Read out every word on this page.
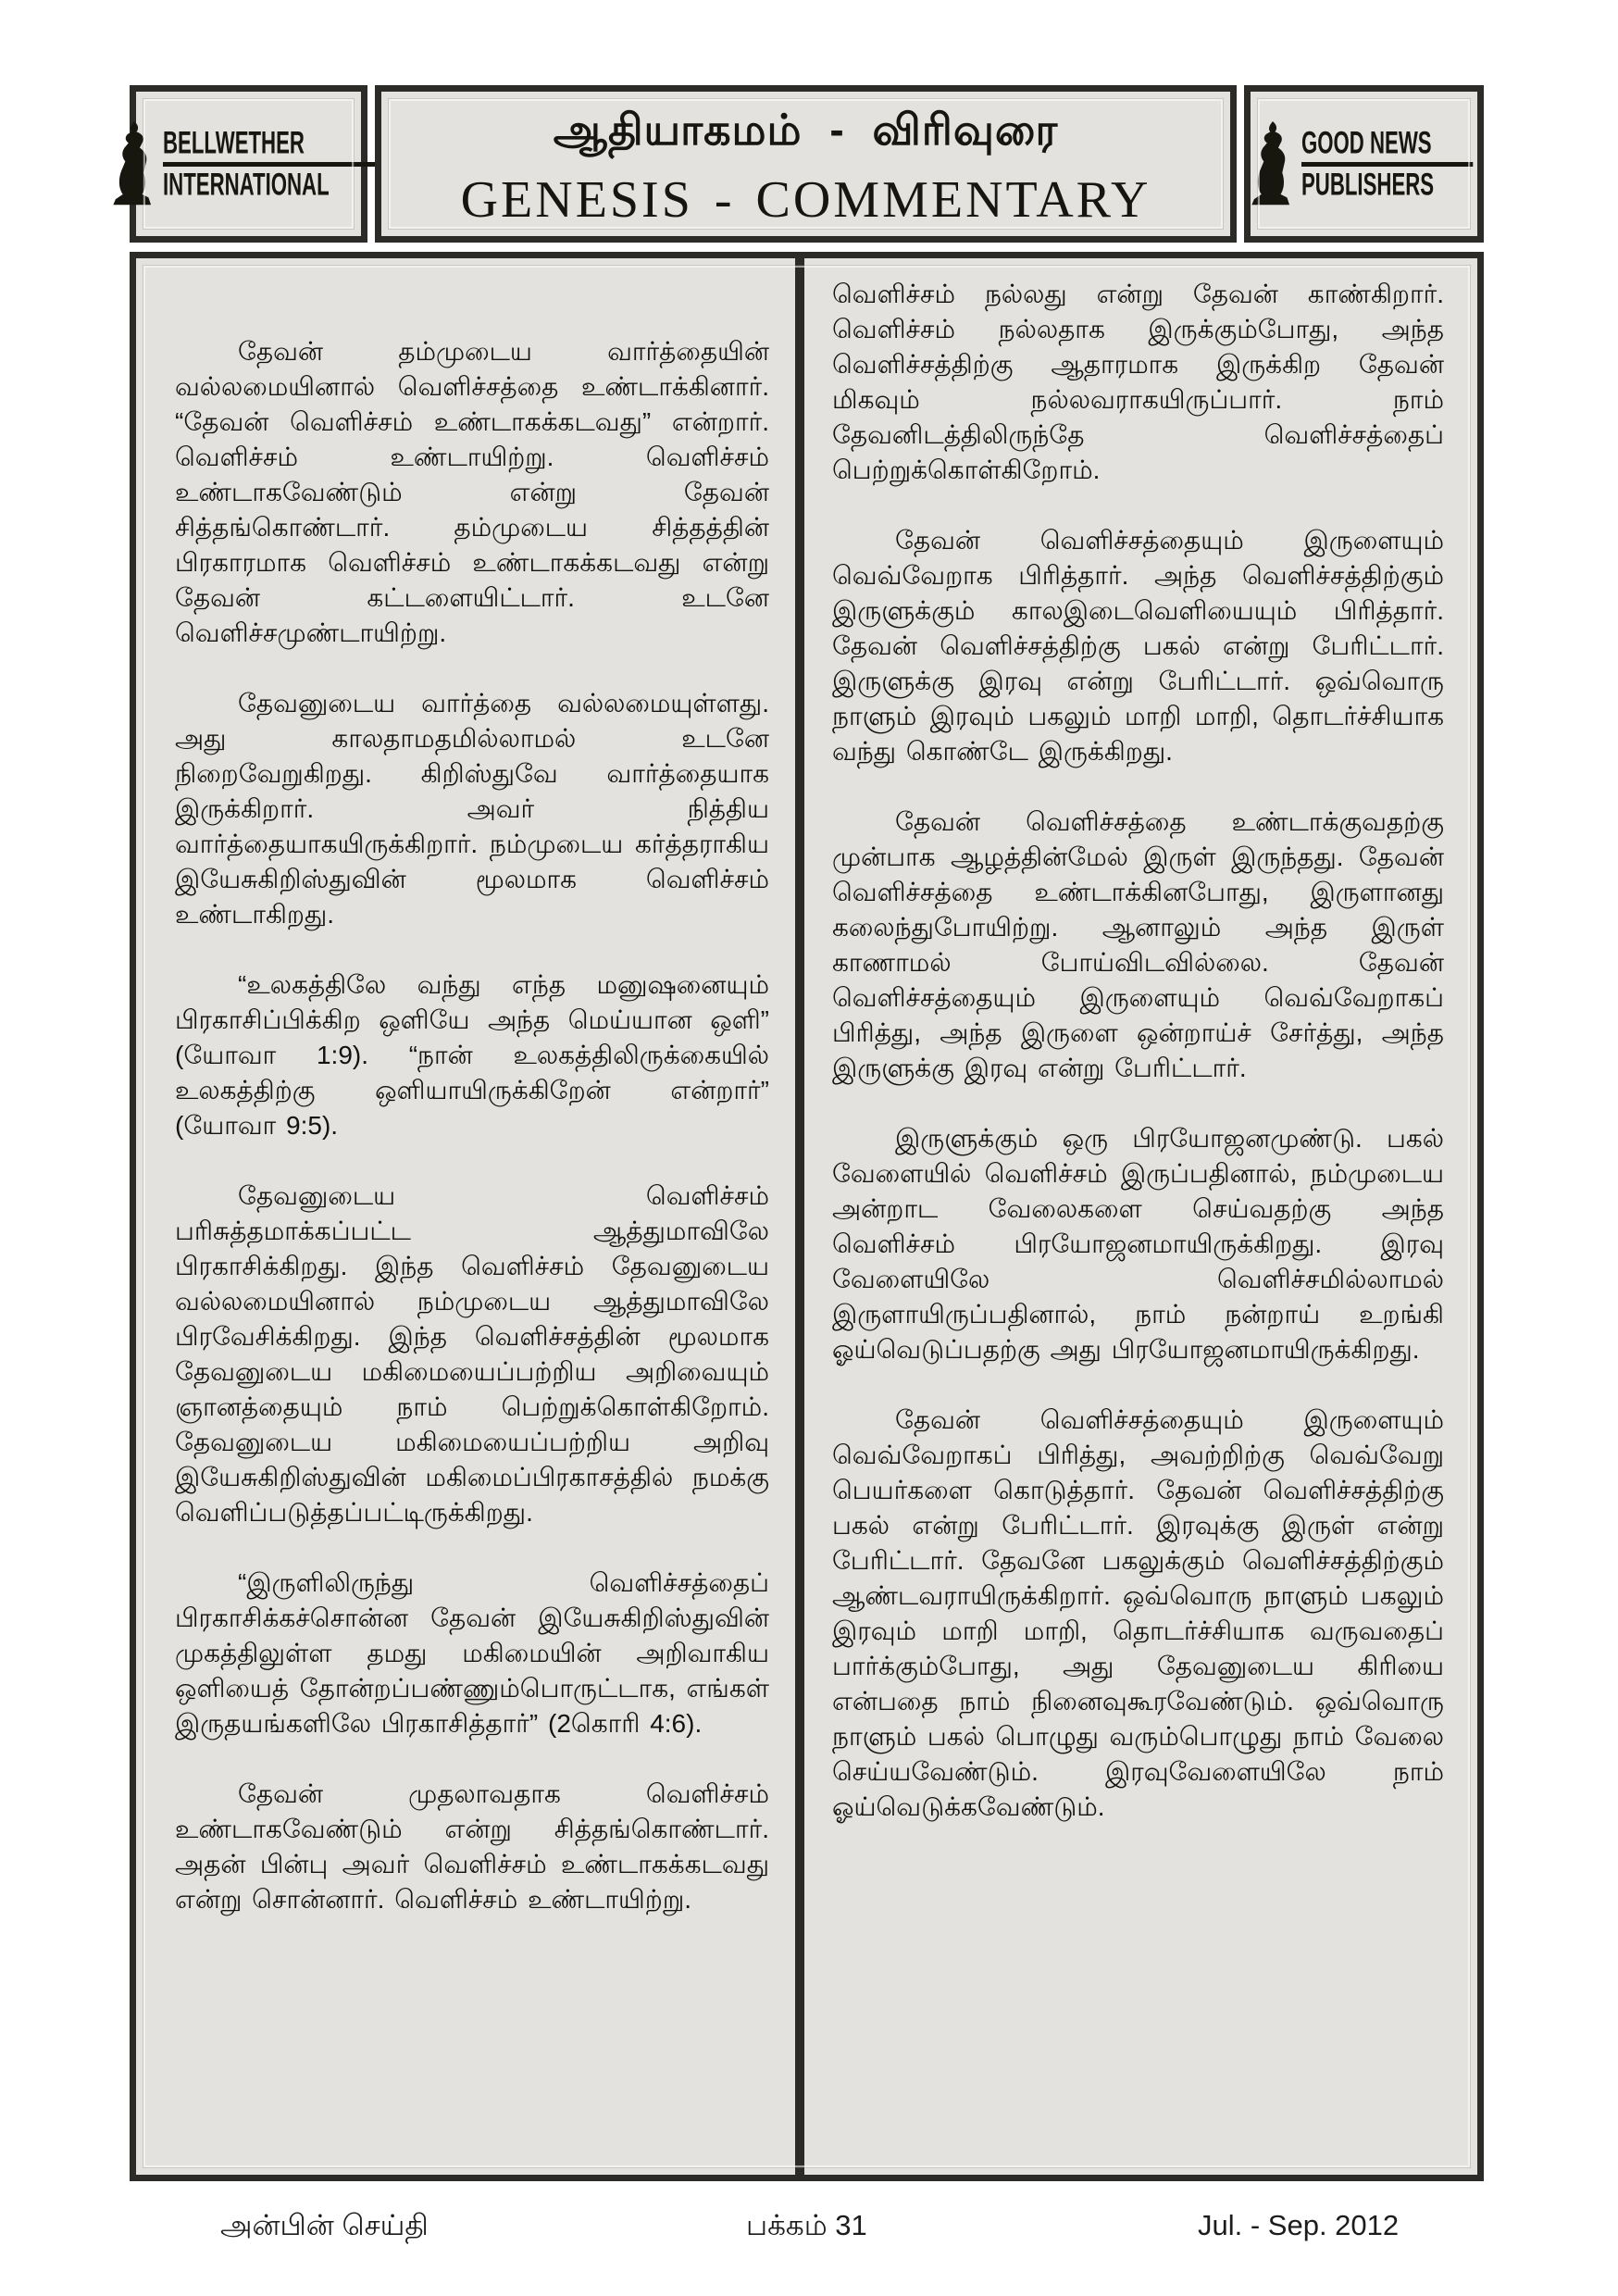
BELLWETHER
INTERNATIONAL
ஆதியாகமம் - விரிவுரை
GENESIS - COMMENTARY
GOOD NEWS
PUBLISHERS

தேவன் தம்முடைய வார்த்தையின் வல்லமையினால் வெளிச்சத்தை உண்டாக்கினார். “தேவன் வெளிச்சம் உண்டாகக்கடவது” என்றார். வெளிச்சம் உண்டாயிற்று. வெளிச்சம் உண்டாகவேண்டும் என்று தேவன் சித்தங்கொண்டார். தம்முடைய சித்தத்தின் பிரகாரமாக வெளிச்சம் உண்டாகக்கடவது என்று தேவன் கட்டளையிட்டார். உடனே வெளிச்சமுண்டாயிற்று.

தேவனுடைய வார்த்தை வல்லமையுள்ளது. அது காலதாமதமில்லாமல் உடனே நிறைவேறுகிறது. கிறிஸ்துவே வார்த்தையாக இருக்கிறார். அவர் நித்திய வார்த்தையாகயிருக்கிறார். நம்முடைய கர்த்தராகிய இயேசுகிறிஸ்துவின் மூலமாக வெளிச்சம் உண்டாகிறது.

“உலகத்திலே வந்து எந்த மனுஷனையும் பிரகாசிப்பிக்கிற ஒளியே அந்த மெய்யான ஒளி” (யோவா 1:9). “நான் உலகத்திலிருக்கையில் உலகத்திற்கு ஒளியாயிருக்கிறேன் என்றார்” (யோவா 9:5).

தேவனுடைய வெளிச்சம் பரிசுத்தமாக்கப்பட்ட ஆத்துமாவிலே பிரகாசிக்கிறது. இந்த வெளிச்சம் தேவனுடைய வல்லமையினால் நம்முடைய ஆத்துமாவிலே பிரவேசிக்கிறது. இந்த வெளிச்சத்தின் மூலமாக தேவனுடைய மகிமையைப்பற்றிய அறிவையும் ஞானத்தையும் நாம் பெற்றுக்கொள்கிறோம். தேவனுடைய மகிமையைப்பற்றிய அறிவு இயேசுகிறிஸ்துவின் மகிமைப்பிரகாசத்தில் நமக்கு வெளிப்படுத்தப்பட்டிருக்கிறது.

“இருளிலிருந்து வெளிச்சத்தைப் பிரகாசிக்கச்சொன்ன தேவன் இயேசுகிறிஸ்துவின் முகத்திலுள்ள தமது மகிமையின் அறிவாகிய ஒளியைத் தோன்றப்பண்ணும்பொருட்டாக, எங்கள் இருதயங்களிலே பிரகாசித்தார்” (2கொரி 4:6).

தேவன் முதலாவதாக வெளிச்சம் உண்டாகவேண்டும் என்று சித்தங்கொண்டார். அதன் பின்பு அவர் வெளிச்சம் உண்டாகக்கடவது என்று சொன்னார். வெளிச்சம் உண்டாயிற்று.

வெளிச்சம் நல்லது என்று தேவன் காண்கிறார். வெளிச்சம் நல்லதாக இருக்கும்போது, அந்த வெளிச்சத்திற்கு ஆதாரமாக இருக்கிற தேவன் மிகவும் நல்லவராகயிருப்பார். நாம் தேவனிடத்திலிருந்தே வெளிச்சத்தைப் பெற்றுக்கொள்கிறோம்.

தேவன் வெளிச்சத்தையும் இருளையும் வெவ்வேறாக பிரித்தார். அந்த வெளிச்சத்திற்கும் இருளுக்கும் காலஇடைவெளியையும் பிரித்தார். தேவன் வெளிச்சத்திற்கு பகல் என்று பேரிட்டார். இருளுக்கு இரவு என்று பேரிட்டார். ஒவ்வொரு நாளும் இரவும் பகலும் மாறி மாறி, தொடர்ச்சியாக வந்து கொண்டே இருக்கிறது.

தேவன் வெளிச்சத்தை உண்டாக்குவதற்கு முன்பாக ஆழத்தின்மேல் இருள் இருந்தது. தேவன் வெளிச்சத்தை உண்டாக்கினபோது, இருளானது கலைந்துபோயிற்று. ஆனாலும் அந்த இருள் காணாமல் போய்விடவில்லை. தேவன் வெளிச்சத்தையும் இருளையும் வெவ்வேறாகப் பிரித்து, அந்த இருளை ஒன்றாய்ச் சேர்த்து, அந்த இருளுக்கு இரவு என்று பேரிட்டார்.

இருளுக்கும் ஒரு பிரயோஜனமுண்டு. பகல் வேளையில் வெளிச்சம் இருப்பதினால், நம்முடைய அன்றாட வேலைகளை செய்வதற்கு அந்த வெளிச்சம் பிரயோஜனமாயிருக்கிறது. இரவு வேளையிலே வெளிச்சமில்லாமல் இருளாயிருப்பதினால், நாம் நன்றாய் உறங்கி ஓய்வெடுப்பதற்கு அது பிரயோஜனமாயிருக்கிறது.

தேவன் வெளிச்சத்தையும் இருளையும் வெவ்வேறாகப் பிரித்து, அவற்றிற்கு வெவ்வேறு பெயர்களை கொடுத்தார். தேவன் வெளிச்சத்திற்கு பகல் என்று பேரிட்டார். இரவுக்கு இருள் என்று பேரிட்டார். தேவனே பகலுக்கும் வெளிச்சத்திற்கும் ஆண்டவராயிருக்கிறார். ஒவ்வொரு நாளும் பகலும் இரவும் மாறி மாறி, தொடர்ச்சியாக வருவதைப் பார்க்கும்போது, அது தேவனுடைய கிரியை என்பதை நாம் நினைவுகூரவேண்டும். ஒவ்வொரு நாளும் பகல் பொழுது வரும்பொழுது நாம் வேலை செய்யவேண்டும். இரவுவேளையிலே நாம் ஓய்வெடுக்கவேண்டும்.

அன்பின் செய்தி	பக்கம் 31	Jul. - Sep. 2012
